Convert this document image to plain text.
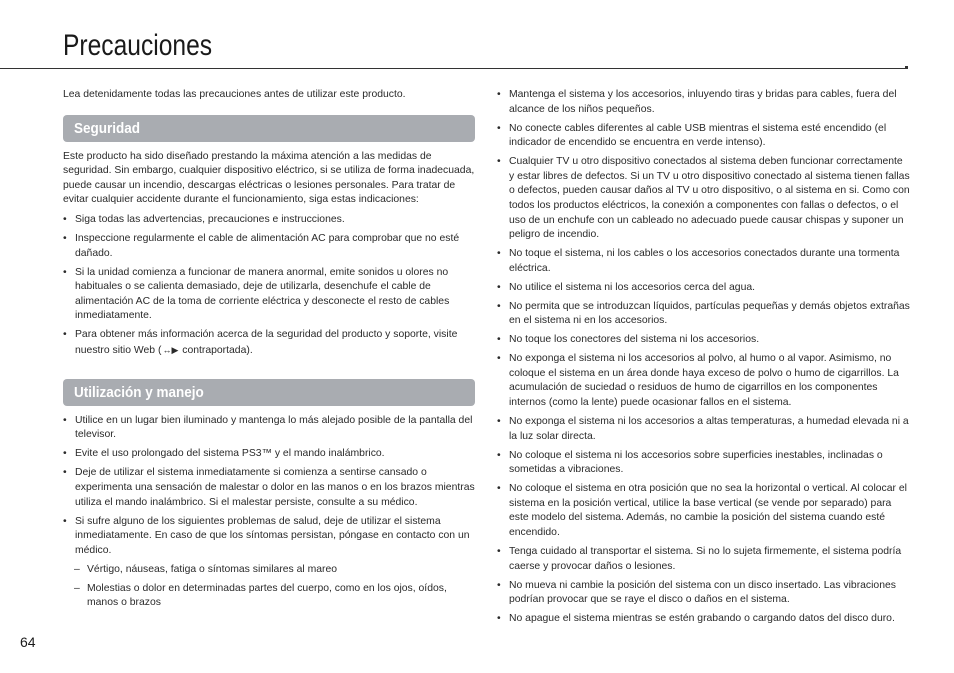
Precauciones

Lea detenidamente todas las precauciones antes de utilizar este producto.

Seguridad

Este producto ha sido diseñado prestando la máxima atención a las medidas de seguridad. Sin embargo, cualquier dispositivo eléctrico, si se utiliza de forma inadecuada, puede causar un incendio, descargas eléctricas o lesiones personales. Para tratar de evitar cualquier accidente durante el funcionamiento, siga estas indicaciones:

• Siga todas las advertencias, precauciones e instrucciones.
• Inspeccione regularmente el cable de alimentación AC para comprobar que no esté dañado.
• Si la unidad comienza a funcionar de manera anormal, emite sonidos u olores no habituales o se calienta demasiado, deje de utilizarla, desenchufe el cable de alimentación AC de la toma de corriente eléctrica y desconecte el resto de cables inmediatamente.
• Para obtener más información acerca de la seguridad del producto y soporte, visite nuestro sitio Web (↔▶ contraportada).
Utilización y manejo
• Utilice en un lugar bien iluminado y mantenga lo más alejado posible de la pantalla del televisor.
• Evite el uso prolongado del sistema PS3™ y el mando inalámbrico.
• Deje de utilizar el sistema inmediatamente si comienza a sentirse cansado o experimenta una sensación de malestar o dolor en las manos o en los brazos mientras utiliza el mando inalámbrico. Si el malestar persiste, consulte a su médico.
• Si sufre alguno de los siguientes problemas de salud, deje de utilizar el sistema inmediatamente. En caso de que los síntomas persistan, póngase en contacto con un médico.
– Vértigo, náuseas, fatiga o síntomas similares al mareo
– Molestias o dolor en determinadas partes del cuerpo, como en los ojos, oídos, manos o brazos
• Mantenga el sistema y los accesorios, inluyendo tiras y bridas para cables, fuera del alcance de los niños pequeños.
• No conecte cables diferentes al cable USB mientras el sistema esté encendido (el indicador de encendido se encuentra en verde intenso).
• Cualquier TV u otro dispositivo conectados al sistema deben funcionar correctamente y estar libres de defectos. Si un TV u otro dispositivo conectado al sistema tienen fallas o defectos, pueden causar daños al TV u otro dispositivo, o al sistema en si. Como con todos los productos eléctricos, la conexión a componentes con fallas o defectos, o el uso de un enchufe con un cableado no adecuado puede causar chispas y suponer un peligro de incendio.
• No toque el sistema, ni los cables o los accesorios conectados durante una tormenta eléctrica.
• No utilice el sistema ni los accesorios cerca del agua.
• No permita que se introduzcan líquidos, partículas pequeñas y demás objetos extrañas en el sistema ni en los accesorios.
• No toque los conectores del sistema ni los accesorios.
• No exponga el sistema ni los accesorios al polvo, al humo o al vapor. Asimismo, no coloque el sistema en un área donde haya exceso de polvo o humo de cigarrillos. La acumulación de suciedad o residuos de humo de cigarrillos en los componentes internos (como la lente) puede ocasionar fallos en el sistema.
• No exponga el sistema ni los accesorios a altas temperaturas, a humedad elevada ni a la luz solar directa.
• No coloque el sistema ni los accesorios sobre superficies inestables, inclinadas o sometidas a vibraciones.
• No coloque el sistema en otra posición que no sea la horizontal o vertical. Al colocar el sistema en la posición vertical, utilice la base vertical (se vende por separado) para este modelo del sistema. Además, no cambie la posición del sistema cuando esté encendido.
• Tenga cuidado al transportar el sistema. Si no lo sujeta firmemente, el sistema podría caerse y provocar daños o lesiones.
• No mueva ni cambie la posición del sistema con un disco insertado. Las vibraciones podrían provocar que se raye el disco o daños en el sistema.
• No apague el sistema mientras se estén grabando o cargando datos del disco duro.
64
